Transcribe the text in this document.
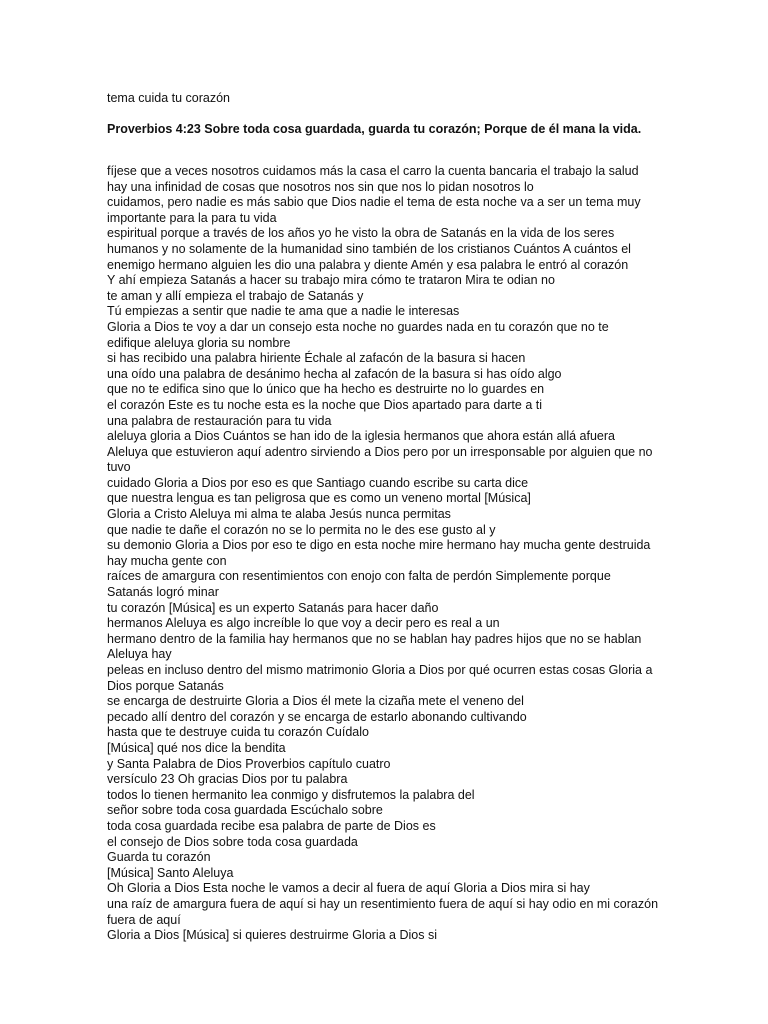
tema cuida tu corazón

Proverbios 4:23 Sobre toda cosa guardada, guarda tu corazón; Porque de él mana la vida.

fíjese que a veces nosotros cuidamos más la casa el carro la cuenta bancaria el trabajo la salud

hay una infinidad de cosas que nosotros nos sin que nos lo pidan nosotros lo

cuidamos, pero nadie es más sabio que Dios nadie el tema de esta noche va a ser un tema muy

importante para la para tu vida

espiritual porque a través de los años yo he visto la obra de Satanás en la vida de los seres

humanos y no solamente de la humanidad sino también de los cristianos Cuántos A cuántos el

enemigo hermano alguien les dio una palabra y diente Amén y esa palabra le entró al corazón

Y ahí empieza Satanás a hacer su trabajo mira cómo te trataron Mira te odian no

te aman y allí empieza el trabajo de Satanás y

Tú empiezas a sentir que nadie te ama que a nadie le interesas

Gloria a Dios te voy a dar un consejo esta noche no guardes nada en tu corazón que no te

edifique aleluya gloria su nombre

si has recibido una palabra hiriente Échale al zafacón de la basura si hacen

una oído una palabra de desánimo hecha al zafacón de la basura si has oído algo

que no te edifica sino que lo único que ha hecho es destruirte no lo guardes en

el corazón Este es tu noche esta es la noche que Dios apartado para darte a ti

una palabra de restauración para tu vida

aleluya gloria a Dios Cuántos se han ido de la iglesia hermanos que ahora están allá afuera

Aleluya que estuvieron aquí adentro sirviendo a Dios pero por un irresponsable por alguien que no

tuvo

cuidado Gloria a Dios por eso es que Santiago cuando escribe su carta dice

que nuestra lengua es tan peligrosa que es como un veneno mortal [Música]

Gloria a Cristo Aleluya mi alma te alaba Jesús nunca permitas

que nadie te dañe el corazón no se lo permita no le des ese gusto al y

su demonio Gloria a Dios por eso te digo en esta noche mire hermano hay mucha gente destruida

hay mucha gente con

raíces de amargura con resentimientos con enojo con falta de perdón Simplemente porque

Satanás logró minar

tu corazón [Música] es un experto Satanás para hacer daño

hermanos Aleluya es algo increíble lo que voy a decir pero es real a un

hermano dentro de la familia hay hermanos que no se hablan hay padres hijos que no se hablan

Aleluya hay

peleas en incluso dentro del mismo matrimonio Gloria a Dios por qué ocurren estas cosas Gloria a

Dios porque Satanás

se encarga de destruirte Gloria a Dios él mete la cizaña mete el veneno del

pecado allí dentro del corazón y se encarga de estarlo abonando cultivando

hasta que te destruye cuida tu corazón Cuídalo

[Música] qué nos dice la bendita

y Santa Palabra de Dios Proverbios capítulo cuatro

versículo 23 Oh gracias Dios por tu palabra

todos lo tienen hermanito lea conmigo y disfrutemos la palabra del

señor sobre toda cosa guardada Escúchalo sobre

toda cosa guardada recibe esa palabra de parte de Dios es

el consejo de Dios sobre toda cosa guardada

Guarda tu corazón

[Música] Santo Aleluya

Oh Gloria a Dios Esta noche le vamos a decir al fuera de aquí Gloria a Dios mira si hay

una raíz de amargura fuera de aquí si hay un resentimiento fuera de aquí si hay odio en mi corazón

fuera de aquí

Gloria a Dios [Música] si quieres destruirme Gloria a Dios si
